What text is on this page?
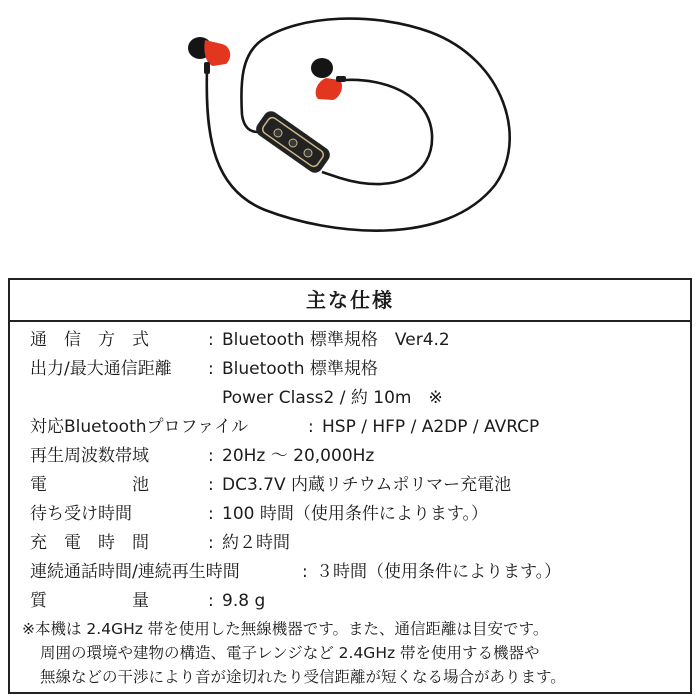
主な仕様
通　信　方　式	: Bluetooth 標準規格　Ver4.2
出力/最大通信距離 : Bluetooth 標準規格
Power Class2 / 約 10m　※
対応Bluetoothプロファイル	: HSP / HFP / A2DP / AVRCP
再生周波数帯域	: 20Hz ～ 20,000Hz
電　　　　　池	: DC3.7V 内蔵リチウムポリマー充電池
待ち受け時間	: 100 時間（使用条件によります。）
充　電　時　間	: 約２時間
連続通話時間/連続再生時間	: ３時間（使用条件によります。）
質　　　　　量	: 9.8 g
※本機は 2.4GHz 帯を使用した無線機器です。また、通信距離は目安です。
周囲の環境や建物の構造、電子レンジなど 2.4GHz 帯を使用する機器や
無線などの干渉により音が途切れたり受信距離が短くなる場合があります。
